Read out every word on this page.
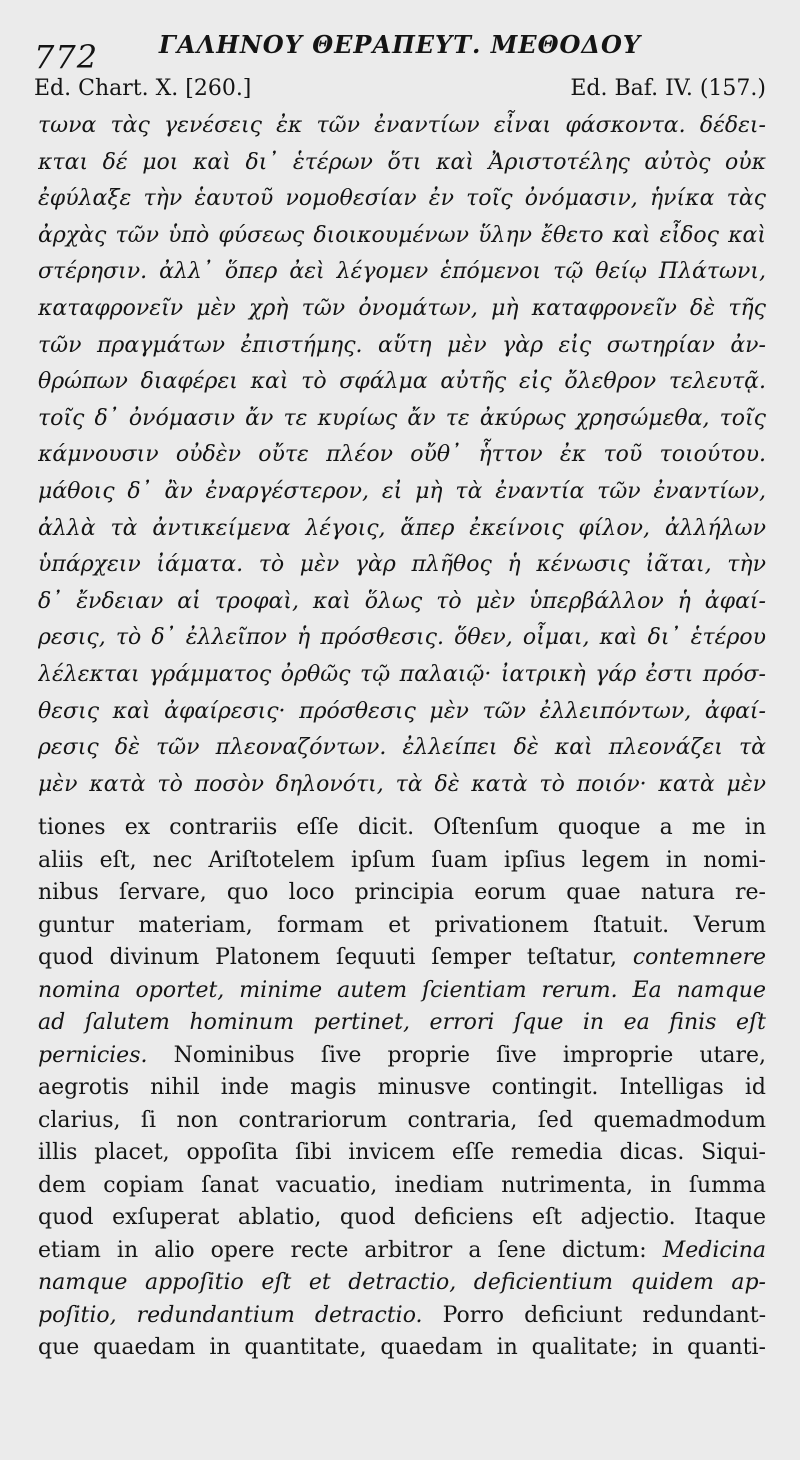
772	ΓΑΛΗΝΟΥ ΘΕΡΑΠΕΥΤ. ΜΕΘΟΔΟΥ
Ed. Chart. X. [260.]	Ed. Baf. IV. (157.)
τωνα τὰς γενέσεις ἐκ τῶν ἐναντίων εἶναι φάσκοντα. δέδει-
κται δέ μοι καὶ δι᾽ ἑτέρων ὅτι καὶ Ἀριστοτέλης αὐτὸς οὐκ
ἐφύλαξε τὴν ἑαυτοῦ νομοθεσίαν ἐν τοῖς ὀνόμασιν, ἡνίκα τὰς
ἀρχὰς τῶν ὑπὸ φύσεως διοικουμένων ὕλην ἔθετο καὶ εἶδος καὶ
στέρησιν. ἀλλ᾽ ὅπερ ἀεὶ λέγομεν ἑπόμενοι τῷ θείῳ Πλάτωνι,
καταφρονεῖν μὲν χρὴ τῶν ὀνομάτων, μὴ καταφρονεῖν δὲ τῆς
τῶν πραγμάτων ἐπιστήμης. αὕτη μὲν γὰρ εἰς σωτηρίαν ἀν-
θρώπων διαφέρει καὶ τὸ σφάλμα αὐτῆς εἰς ὄλεθρον τελευτᾷ.
τοῖς δ᾽ ὀνόμασιν ἄν τε κυρίως ἄν τε ἀκύρως χρησώμεθα, τοῖς
κάμνουσιν οὐδὲν οὔτε πλέον οὔθ᾽ ἧττον ἐκ τοῦ τοιούτου.
μάθοις δ᾽ ἂν ἐναργέστερον, εἰ μὴ τὰ ἐναντία τῶν ἐναντίων,
ἀλλὰ τὰ ἀντικείμενα λέγοις, ἅπερ ἐκείνοις φίλον, ἀλλήλων
ὑπάρχειν ἰάματα. τὸ μὲν γὰρ πλῆθος ἡ κένωσις ἰᾶται, τὴν
δ᾽ ἔνδειαν αἱ τροφαὶ, καὶ ὅλως τὸ μὲν ὑπερβάλλον ἡ ἀφαί-
ρεσις, τὸ δ᾽ ἐλλεῖπον ἡ πρόσθεσις. ὅθεν, οἶμαι, καὶ δι᾽ ἑτέρου
λέλεκται γράμματος ὀρθῶς τῷ παλαιῷ· ἰατρικὴ γάρ ἐστι πρόσ-
θεσις καὶ ἀφαίρεσις· πρόσθεσις μὲν τῶν ἐλλειπόντων, ἀφαί-
ρεσις δὲ τῶν πλεοναζόντων. ἐλλείπει δὲ καὶ πλεονάζει τὰ
μὲν κατὰ τὸ ποσὸν δηλονότι, τὰ δὲ κατὰ τὸ ποιόν· κατὰ μὲν
tiones ex contrariis eſſe dicit. Oſtenſum quoque a me in
aliis eſt, nec Ariſtotelem ipſum ſuam ipſius legem in nomi-
nibus ſervare, quo loco principia eorum quae natura re-
guntur materiam, formam et privationem ſtatuit. Verum
quod divinum Platonem ſequuti ſemper teſtatur, contemnere
nomina oportet, minime autem ſcientiam rerum. Ea namque
ad ſalutem hominum pertinet, errori ſque in ea finis eſt
pernicies. Nominibus ſive proprie ſive improprie utare,
aegrotis nihil inde magis minusve contingit. Intelligas id
clarius, ſi non contrariorum contraria, ſed quemadmodum
illis placet, oppoſita ſibi invicem eſſe remedia dicas. Siqui-
dem copiam ſanat vacuatio, inediam nutrimenta, in ſumma
quod exſuperat ablatio, quod deficiens eſt adjectio. Itaque
etiam in alio opere recte arbitror a ſene dictum: Medicina
namque appoſitio eſt et detractio, deficientium quidem ap-
poſitio, redundantium detractio. Porro deficiunt redundant-
que quaedam in quantitate, quaedam in qualitate; in quanti-
